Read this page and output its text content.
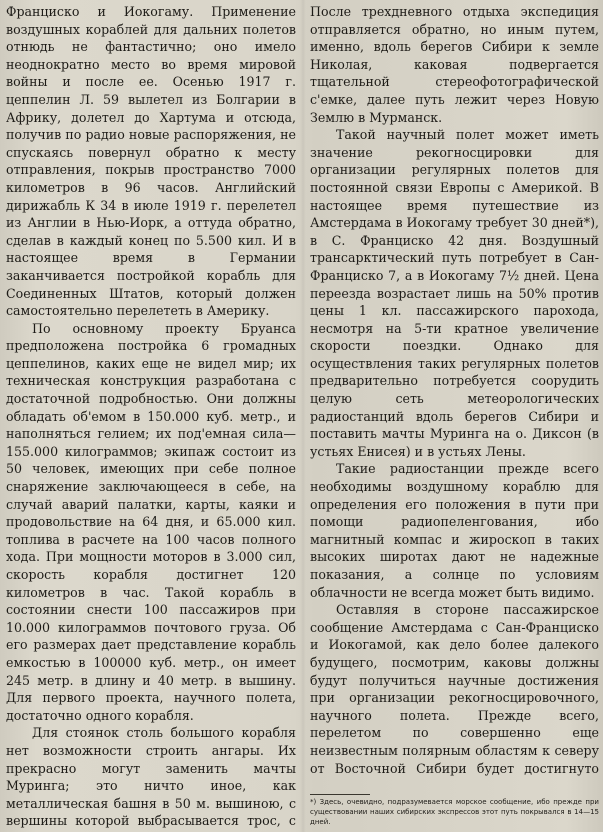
Франциско и Иокогаму. Применение воздушных кораблей для дальних полетов отнюдь не фантастично; оно имело неоднократно место во время мировой войны и после ее. Осенью 1917 г. цеппелин Л. 59 вылетел из Болгарии в Африку, долетел до Хартума и отсюда, получив по радио новые распоряжения, не спускаясь повернул обратно к месту отправления, покрыв пространство 7000 километров в 96 часов. Английский дирижабль К 34 в июле 1919 г. перелетел из Англии в Нью-Иорк, а оттуда обратно, сделав в каждый конец по 5.500 кил. И в настоящее время в Германии заканчивается постройкой корабль для Соединенных Штатов, который должен самостоятельно перелететь в Америку.

По основному проекту Бруанса предположена постройка 6 громадных цеппелинов, каких еще не видел мир; их техническая конструкция разработана с достаточной подробностью. Они должны обладать об'емом в 150.000 куб. метр., и наполняться гелием; их под'емная сила—155.000 килограммов; экипаж состоит из 50 человек, имеющих при себе полное снаряжение заключающееся в себе, на случай аварий палатки, карты, каяки и продовольствие на 64 дня, и 65.000 кил. топлива в расчете на 100 часов полного хода. При мощности моторов в 3.000 сил, скорость корабля достигнет 120 километров в час. Такой корабль в состоянии снести 100 пассажиров при 10.000 килограммов почтового груза. Об его размерах дает представление корабль емкостью в 100000 куб. метр., он имеет 245 метр. в длину и 40 метр. в вышину. Для первого проекта, научного полета, достаточно одного корабля.

Для стоянок столь большого корабля нет возможности строить ангары. Их прекрасно могут заменить мачты Муринга; это ничто иное, как металлическая башня в 50 м. вышиною, с вершины которой выбрасывается трос, с

После трехдневного отдыха экспедиция отправляется обратно, но иным путем, именно, вдоль берегов Сибири к земле Николая, каковая подвергается тщательной стереофотографической с'емке, далее путь лежит через Новую Землю в Мурманск.

Такой научный полет может иметь значение рекогносцировки для организации регулярных полетов для постоянной связи Европы с Америкой. В настоящее время путешествие из Амстердама в Иокогаму требует 30 дней*), в С. Франциско 42 дня. Воздушный трансарктический путь потребует в Сан-Франциско 7, а в Иокогаму 7½ дней. Цена переезда возрастает лишь на 50% против цены 1 кл. пассажирского парохода, несмотря на 5-ти кратное увеличение скорости поездки. Однако для осуществления таких регулярных полетов предварительно потребуется соорудить целую сеть метеорологических радиостанций вдоль берегов Сибири и поставить мачты Муринга на о. Диксон (в устьях Енисея) и в устьях Лены.

Такие радиостанции прежде всего необходимы воздушному кораблю для определения его положения в пути при помощи радиопеленгования, ибо магнитный компас и жироскоп в таких высоких широтах дают не надежные показания, а солнце по условиям облачности не всегда может быть видимо.

Оставляя в стороне пассажирское сообщение Амстердама с Сан-Франциско и Иокогамой, как дело более далекого будущего, посмотрим, каковы должны будут получиться научные достижения при организации рекогносцировочного, научного полета. Прежде всего, перелетом по совершенно еще неизвестным полярным областям к северу от Восточной Сибири будет достигнуто

*) Здесь, очевидно, подразумевается морское сообщение, ибо прежде при существовании наших сибирских экспрессов этот путь покрывался в 14—15 дней.
